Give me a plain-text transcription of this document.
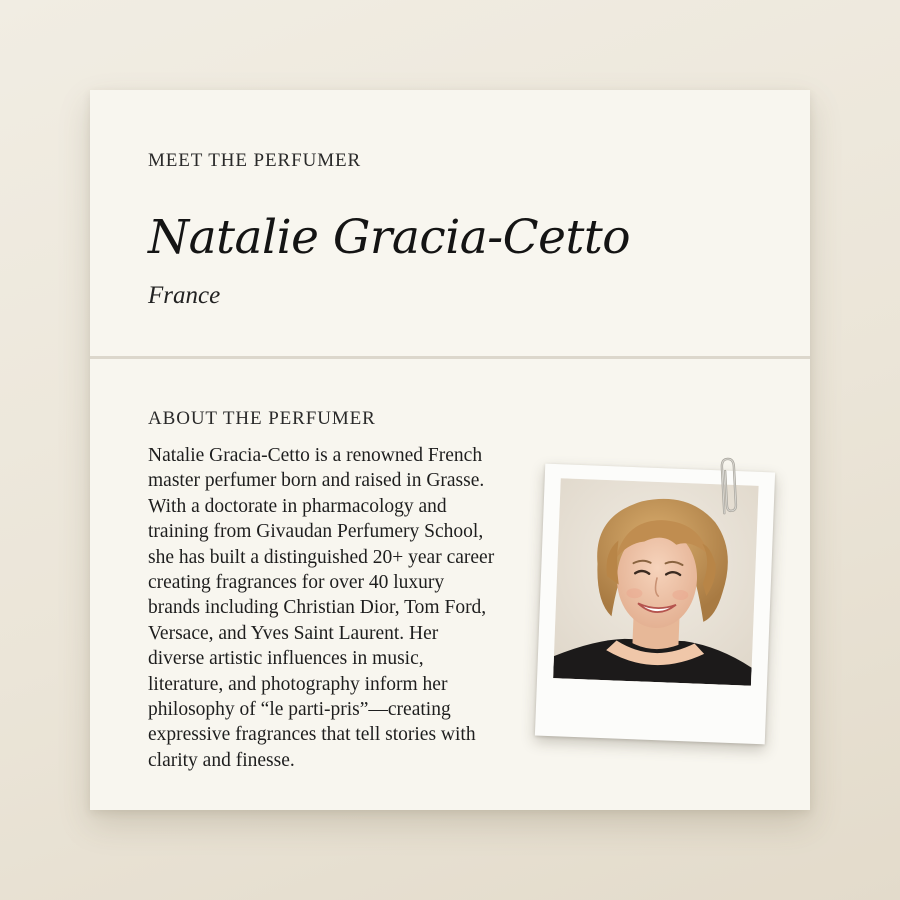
MEET THE PERFUMER
Natalie Gracia-Cetto
France
ABOUT THE PERFUMER
Natalie Gracia-Cetto is a renowned French
master perfumer born and raised in Grasse.
With a doctorate in pharmacology and
training from Givaudan Perfumery School,
she has built a distinguished 20+ year career
creating fragrances for over 40 luxury
brands including Christian Dior, Tom Ford,
Versace, and Yves Saint Laurent. Her
diverse artistic influences in music,
literature, and photography inform her
philosophy of “le parti-pris”—creating
expressive fragrances that tell stories with
clarity and finesse.
